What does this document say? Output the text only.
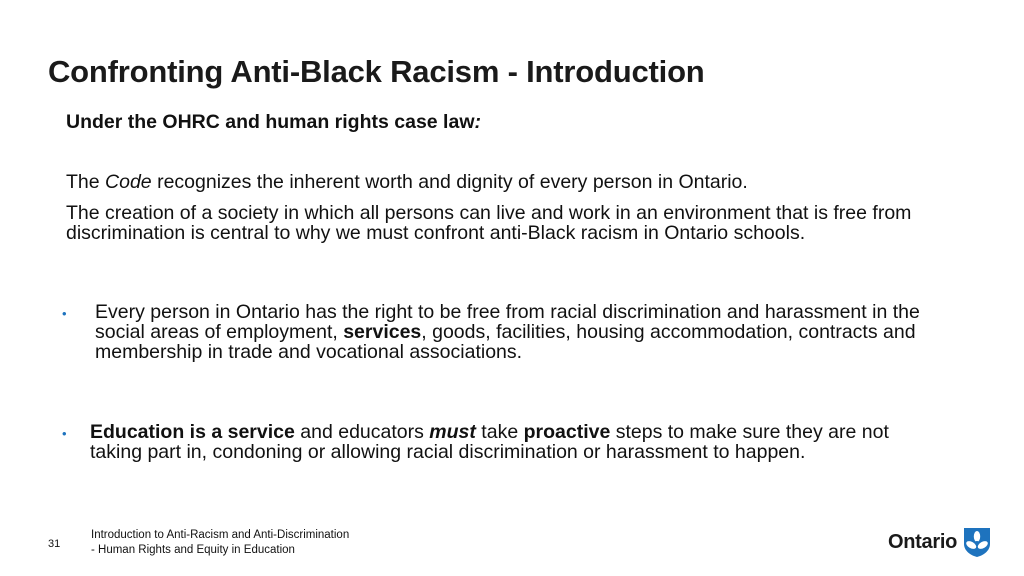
Confronting Anti-Black Racism - Introduction
Under the OHRC and human rights case law:
The Code recognizes the inherent worth and dignity of every person in Ontario.
The creation of a society in which all persons can live and work in an environment that is free from discrimination is central to why we must confront anti-Black racism in Ontario schools.
• Every person in Ontario has the right to be free from racial discrimination and harassment in the social areas of employment, services, goods, facilities, housing accommodation, contracts and membership in trade and vocational associations.
• Education is a service and educators must take proactive steps to make sure they are not taking part in, condoning or allowing racial discrimination or harassment to happen.
31
Introduction to Anti-Racism and Anti-Discrimination
- Human Rights and Equity in Education	Ontario
